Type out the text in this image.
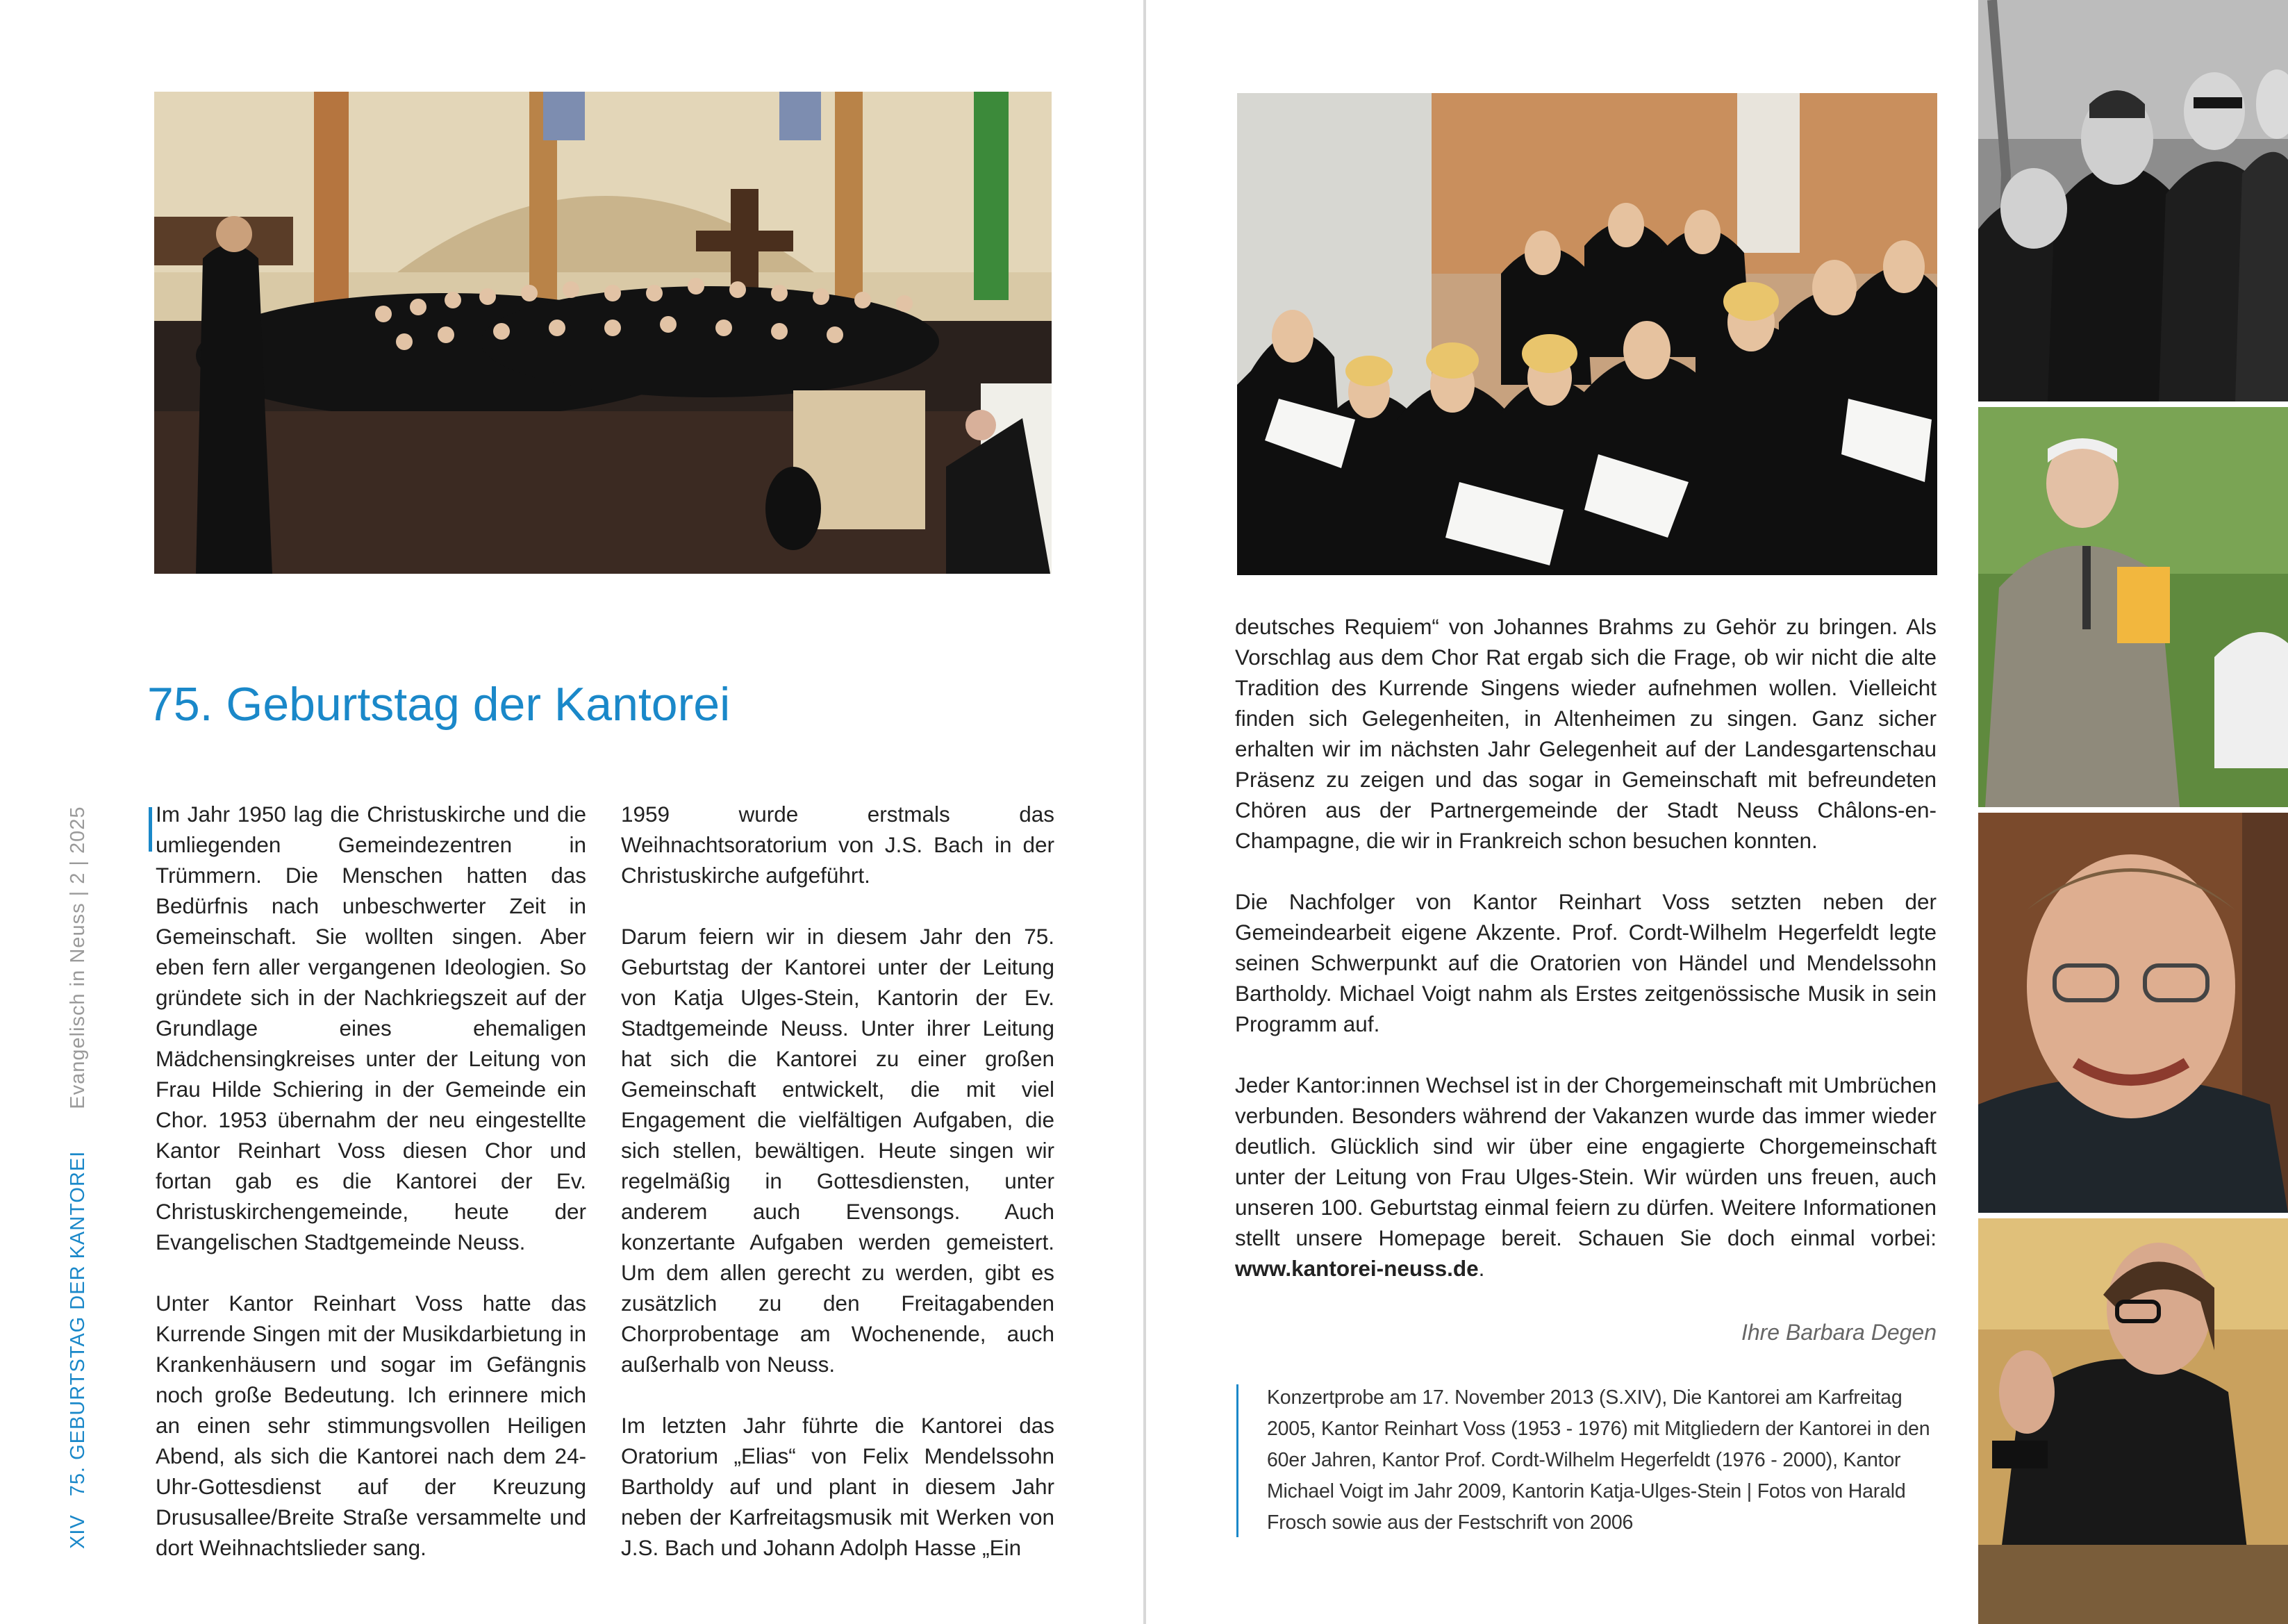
XIV
75. GEBURTSTAG DER KANTOREI
Evangelisch in Neuss | 2 | 2025
75. Geburtstag der Kantorei

Im Jahr 1950 lag die Christuskirche und die umliegenden Gemeindezentren in Trümmern. Die Menschen hatten das Bedürfnis nach unbeschwerter Zeit in Gemeinschaft. Sie wollten singen. Aber eben fern aller vergangenen Ideologien. So gründete sich in der Nachkriegszeit auf der Grundlage eines ehemaligen Mädchensingkreises unter der Leitung von Frau Hilde Schiering in der Gemeinde ein Chor. 1953 übernahm der neu eingestellte Kantor Reinhart Voss diesen Chor und fortan gab es die Kantorei der Ev. Christuskirchengemeinde, heute der Evangelischen Stadtgemeinde Neuss.

Unter Kantor Reinhart Voss hatte das Kurrende Singen mit der Musikdarbietung in Krankenhäusern und sogar im Gefängnis noch große Bedeutung. Ich erinnere mich an einen sehr stimmungsvollen Heiligen Abend, als sich die Kantorei nach dem 24-Uhr-Gottesdienst auf der Kreuzung Drususallee/Breite Straße versammelte und dort Weihnachtslieder sang.

1959 wurde erstmals das Weihnachtsoratorium von J.S. Bach in der Christuskirche aufgeführt.

Darum feiern wir in diesem Jahr den 75. Geburtstag der Kantorei unter der Leitung von Katja Ulges-Stein, Kantorin der Ev. Stadtgemeinde Neuss. Unter ihrer Leitung hat sich die Kantorei zu einer großen Gemeinschaft entwickelt, die mit viel Engagement die vielfältigen Aufgaben, die sich stellen, bewältigen. Heute singen wir regelmäßig in Gottesdiensten, unter anderem auch Evensongs. Auch konzertante Aufgaben werden gemeistert. Um dem allen gerecht zu werden, gibt es zusätzlich zu den Freitagabenden Chorprobentage am Wochenende, auch außerhalb von Neuss.

Im letzten Jahr führte die Kantorei das Oratorium „Elias“ von Felix Mendelssohn Bartholdy auf und plant in diesem Jahr neben der Karfreitagsmusik mit Werken von J.S. Bach und Johann Adolph Hasse „Ein

deutsches Requiem“ von Johannes Brahms zu Gehör zu bringen. Als Vorschlag aus dem Chor Rat ergab sich die Frage, ob wir nicht die alte Tradition des Kurrende Singens wieder aufnehmen wollen. Vielleicht finden sich Gelegenheiten, in Altenheimen zu singen. Ganz sicher erhalten wir im nächsten Jahr Gelegenheit auf der Landesgartenschau Präsenz zu zeigen und das sogar in Gemeinschaft mit befreundeten Chören aus der Partnergemeinde der Stadt Neuss Châlons-en-Champagne, die wir in Frankreich schon besuchen konnten.

Die Nachfolger von Kantor Reinhart Voss setzten neben der Gemeindearbeit eigene Akzente. Prof. Cordt-Wilhelm Hegerfeldt legte seinen Schwerpunkt auf die Oratorien von Händel und Mendelssohn Bartholdy. Michael Voigt nahm als Erstes zeitgenössische Musik in sein Programm auf.

Jeder Kantor:innen Wechsel ist in der Chorgemeinschaft mit Umbrüchen verbunden. Besonders während der Vakanzen wurde das immer wieder deutlich. Glücklich sind wir über eine engagierte Chorgemeinschaft unter der Leitung von Frau Ulges-Stein. Wir würden uns freuen, auch unseren 100. Geburtstag einmal feiern zu dürfen. Weitere Informationen stellt unsere Homepage bereit. Schauen Sie doch einmal vorbei: www.kantorei-neuss.de.

Ihre Barbara Degen
Konzertprobe am 17. November 2013 (S.XIV), Die Kantorei am Karfreitag 2005, Kantor Reinhart Voss (1953 - 1976) mit Mitgliedern der Kantorei in den 60er Jahren, Kantor Prof. Cordt-Wilhelm Hegerfeldt (1976 - 2000), Kantor Michael Voigt im Jahr 2009, Kantorin Katja-Ulges-Stein | Fotos von Harald Frosch sowie aus der Festschrift von 2006
